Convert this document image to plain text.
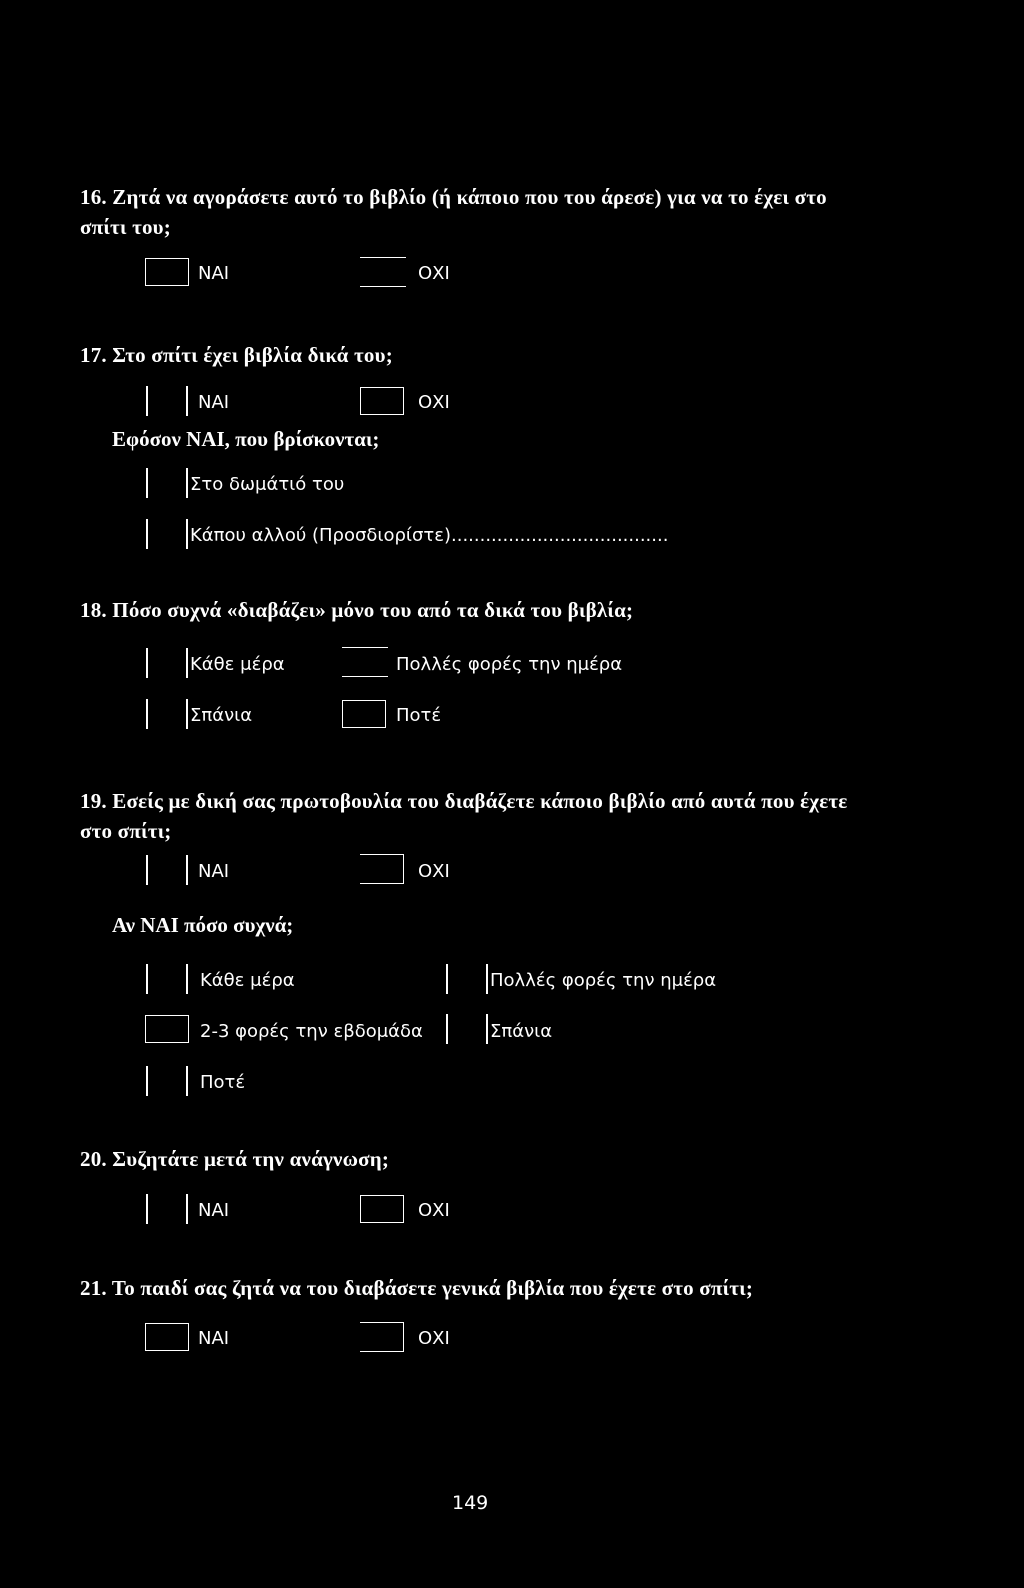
16. Ζητά να αγοράσετε αυτό το βιβλίο (ή κάποιο που του άρεσε) για να το έχει στο
σπίτι του;
ΝΑΙ	ΟΧΙ
17. Στο σπίτι έχει βιβλία δικά του;
ΝΑΙ	ΟΧΙ
Εφόσον ΝΑΙ, που βρίσκονται;
Στο δωμάτιό του
Κάπου αλλού (Προσδιορίστε)......................................
18. Πόσο συχνά «διαβάζει» μόνο του από τα δικά του βιβλία;
Κάθε μέρα	Πολλές φορές την ημέρα
Σπάνια	Ποτέ
19. Εσείς με δική σας πρωτοβουλία του διαβάζετε κάποιο βιβλίο από αυτά που έχετε
στο σπίτι;
ΝΑΙ	ΟΧΙ
Αν ΝΑΙ πόσο συχνά;
Κάθε μέρα	Πολλές φορές την ημέρα
2-3 φορές την εβδομάδα	Σπάνια
Ποτέ
20. Συζητάτε μετά την ανάγνωση;
ΝΑΙ	ΟΧΙ
21. Το παιδί σας ζητά να του διαβάσετε γενικά βιβλία που έχετε στο σπίτι;
ΝΑΙ	ΟΧΙ
149
